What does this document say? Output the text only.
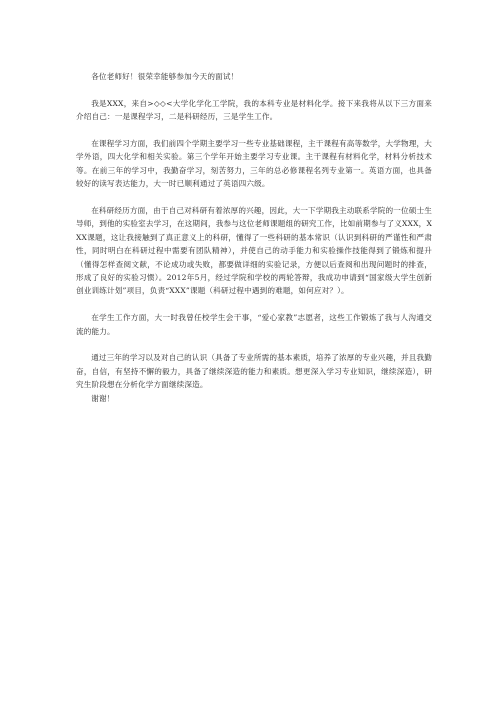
各位老师好！很荣幸能够参加今天的面试！

我是XXX，来自>◇◇<大学化学化工学院，我的本科专业是材料化学。接下来我将从以下三方面来介绍自己：一是课程学习，二是科研经历，三是学生工作。

在课程学习方面，我们前四个学期主要学习一些专业基础课程，主干课程有高等数学，大学物理，大学外语，四大化学和相关实验。第三个学年开始主要学习专业课。主干课程有材料化学，材料分析技术等。在前三年的学习中，我勤奋学习，刻苦努力，三年的总必修课程名列专业第一。英语方面，也具备较好的读写表达能力，大一时已顺利通过了英语四六级。

在科研经历方面，由于自己对科研有着浓厚的兴趣，因此，大一下学期我主动联系学院的一位硕士生导师，到他的实验室去学习，在这期间，我参与这位老师课题组的研究工作，比如前期参与了义XXX，XXX课题，这让我接触到了真正意义上的科研，懂得了一些科研的基本常识（认识到科研的严谨性和严肃性，同时明白在科研过程中需要有团队精神），并使自己的动手能力和实验操作技能得到了锻炼和提升（懂得怎样查阅文献，不论成功或失败，都要做详细的实验记录，方便以后查阅和出现问题时的排查，形成了良好的实验习惯）。2012年5月，经过学院和学校的两轮答辩，我成功申请到“国家级大学生创新创业训练计划”项目，负责“XXX”课题（科研过程中遇到的难题，如何应对？）。

在学生工作方面，大一时我曾任校学生会干事，“爱心家教”志愿者，这些工作锻炼了我与人沟通交流的能力。

通过三年的学习以及对自己的认识（具备了专业所需的基本素质，培养了浓厚的专业兴趣，并且我勤奋，自信，有坚持不懈的毅力，具备了继续深造的能力和素质。想更深入学习专业知识，继续深造），研究生阶段想在分析化学方面继续深造。

谢谢！
